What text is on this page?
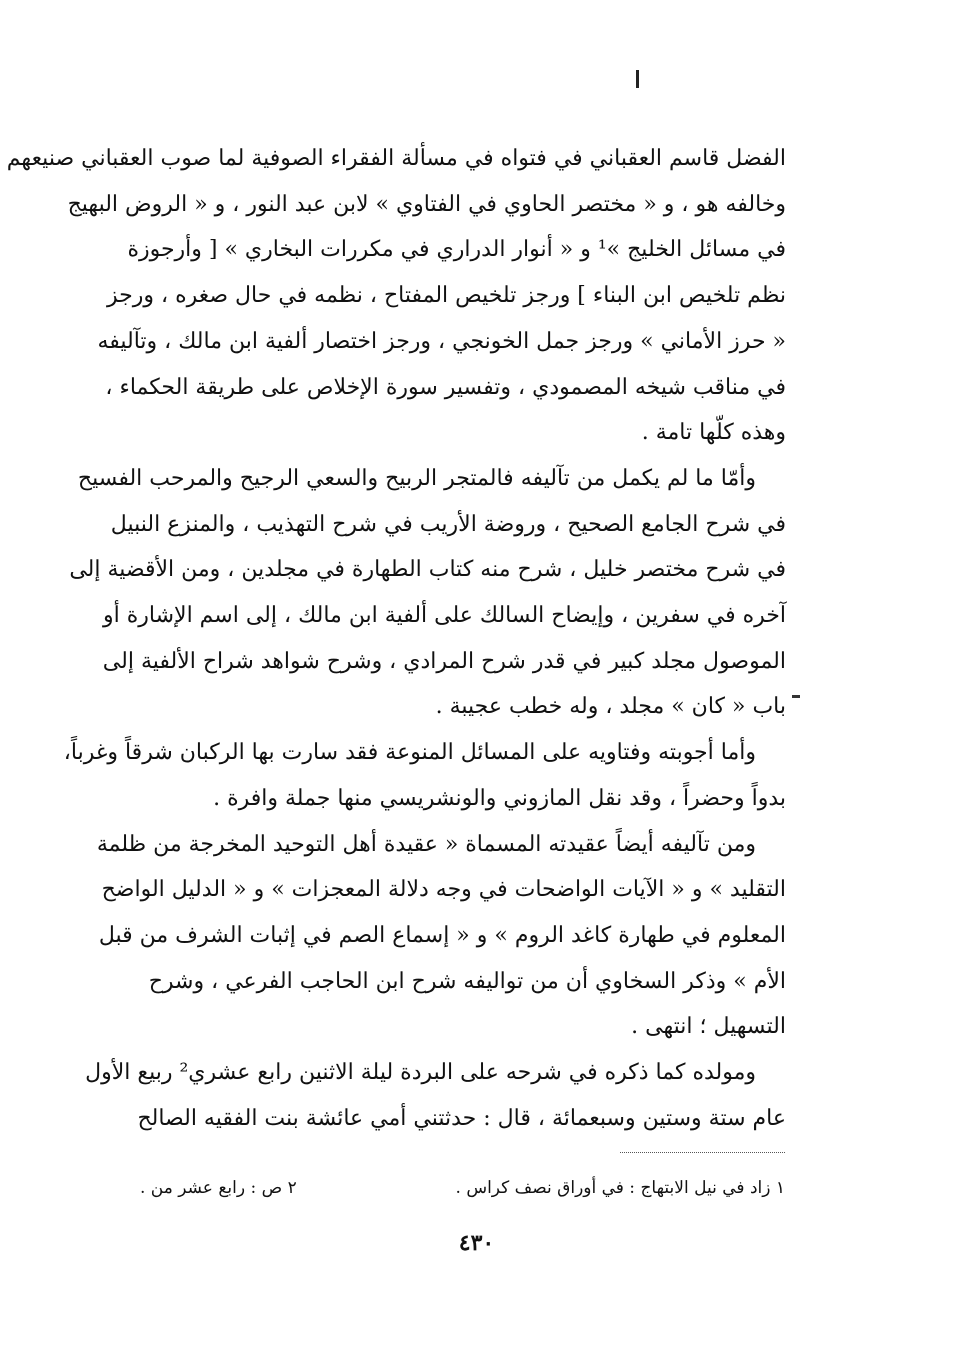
الفضل قاسم العقباني في فتواه في مسألة الفقراء الصوفية لما صوب العقباني صنيعهم
وخالفه هو ، و « مختصر الحاوي في الفتاوي » لابن عبد النور ، و « الروض البهيج
في مسائل الخليج »¹ و « أنوار الدراري في مكررات البخاري » [ وأرجوزة
نظم تلخيص ابن البناء ] ورجز تلخيص المفتاح ، نظمه في حال صغره ، ورجز
« حرز الأماني » ورجز جمل الخونجي ، ورجز اختصار ألفية ابن مالك ، وتآليفه
في مناقب شيخه المصمودي ، وتفسير سورة الإخلاص على طريقة الحكماء ،
وهذه كلّها تامة .
وأمّا ما لم يكمل من تآليفه فالمتجر الربيح والسعي الرجيح والمرحب الفسيح
في شرح الجامع الصحيح ، وروضة الأريب في شرح التهذيب ، والمنزع النبيل
في شرح مختصر خليل ، شرح منه كتاب الطهارة في مجلدين ، ومن الأقضية إلى
آخره في سفرين ، وإيضاح السالك على ألفية ابن مالك ، إلى اسم الإشارة أو
الموصول مجلد كبير في قدر شرح المرادي ، وشرح شواهد شراح الألفية إلى
باب « كان » مجلد ، وله خطب عجيبة .
وأما أجوبته وفتاويه على المسائل المنوعة فقد سارت بها الركبان شرقاً وغرباً،
بدواً وحضراً ، وقد نقل المازوني والونشريسي منها جملة وافرة .
ومن تآليفه أيضاً عقيدته المسماة « عقيدة أهل التوحيد المخرجة من ظلمة
التقليد » و « الآيات الواضحات في وجه دلالة المعجزات » و « الدليل الواضح
المعلوم في طهارة كاغد الروم » و « إسماع الصم في إثبات الشرف من قبل
الأم » وذكر السخاوي أن من تواليفه شرح ابن الحاجب الفرعي ، وشرح
التسهيل ؛ انتهى .
ومولده كما ذكره في شرحه على البردة ليلة الاثنين رابع عشري² ربيع الأول
عام ستة وستين وسبعمائة ، قال : حدثتني أمي عائشة بنت الفقيه الصالح
١ زاد في نيل الابتهاج : في أوراق نصف كراس .
٢ ص : رابع عشر من .
٤٣٠
